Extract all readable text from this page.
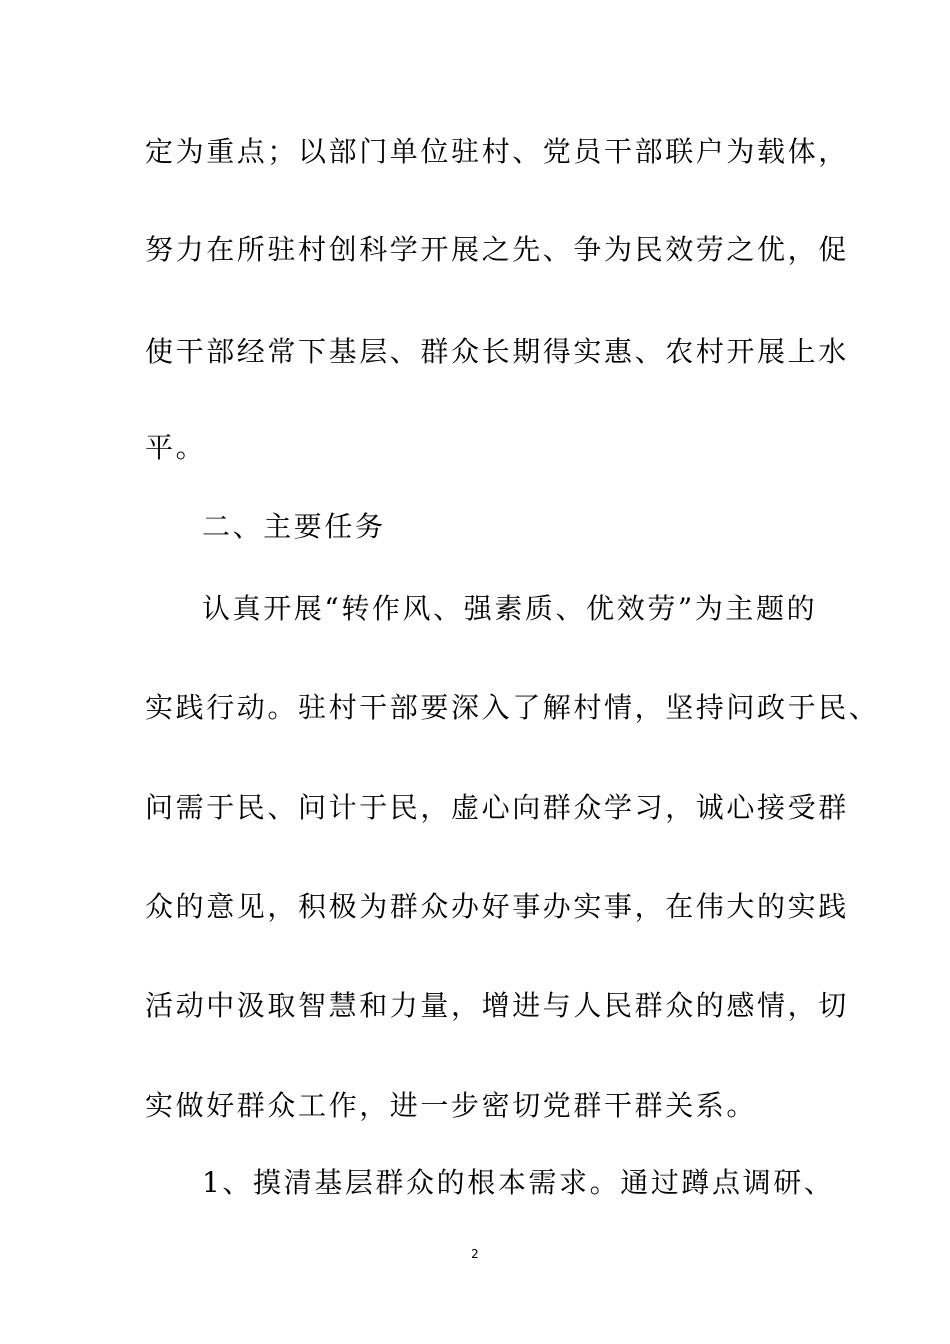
定为重点；以部门单位驻村、党员干部联户为载体，
努力在所驻村创科学开展之先、争为民效劳之优，促
使干部经常下基层、群众长期得实惠、农村开展上水
平。
二、主要任务
认真开展“转作风、强素质、优效劳”为主题的
实践行动。驻村干部要深入了解村情，坚持问政于民、
问需于民、问计于民，虚心向群众学习，诚心接受群
众的意见，积极为群众办好事办实事，在伟大的实践
活动中汲取智慧和力量，增进与人民群众的感情，切
实做好群众工作，进一步密切党群干群关系。
1、摸清基层群众的根本需求。通过蹲点调研、
2
